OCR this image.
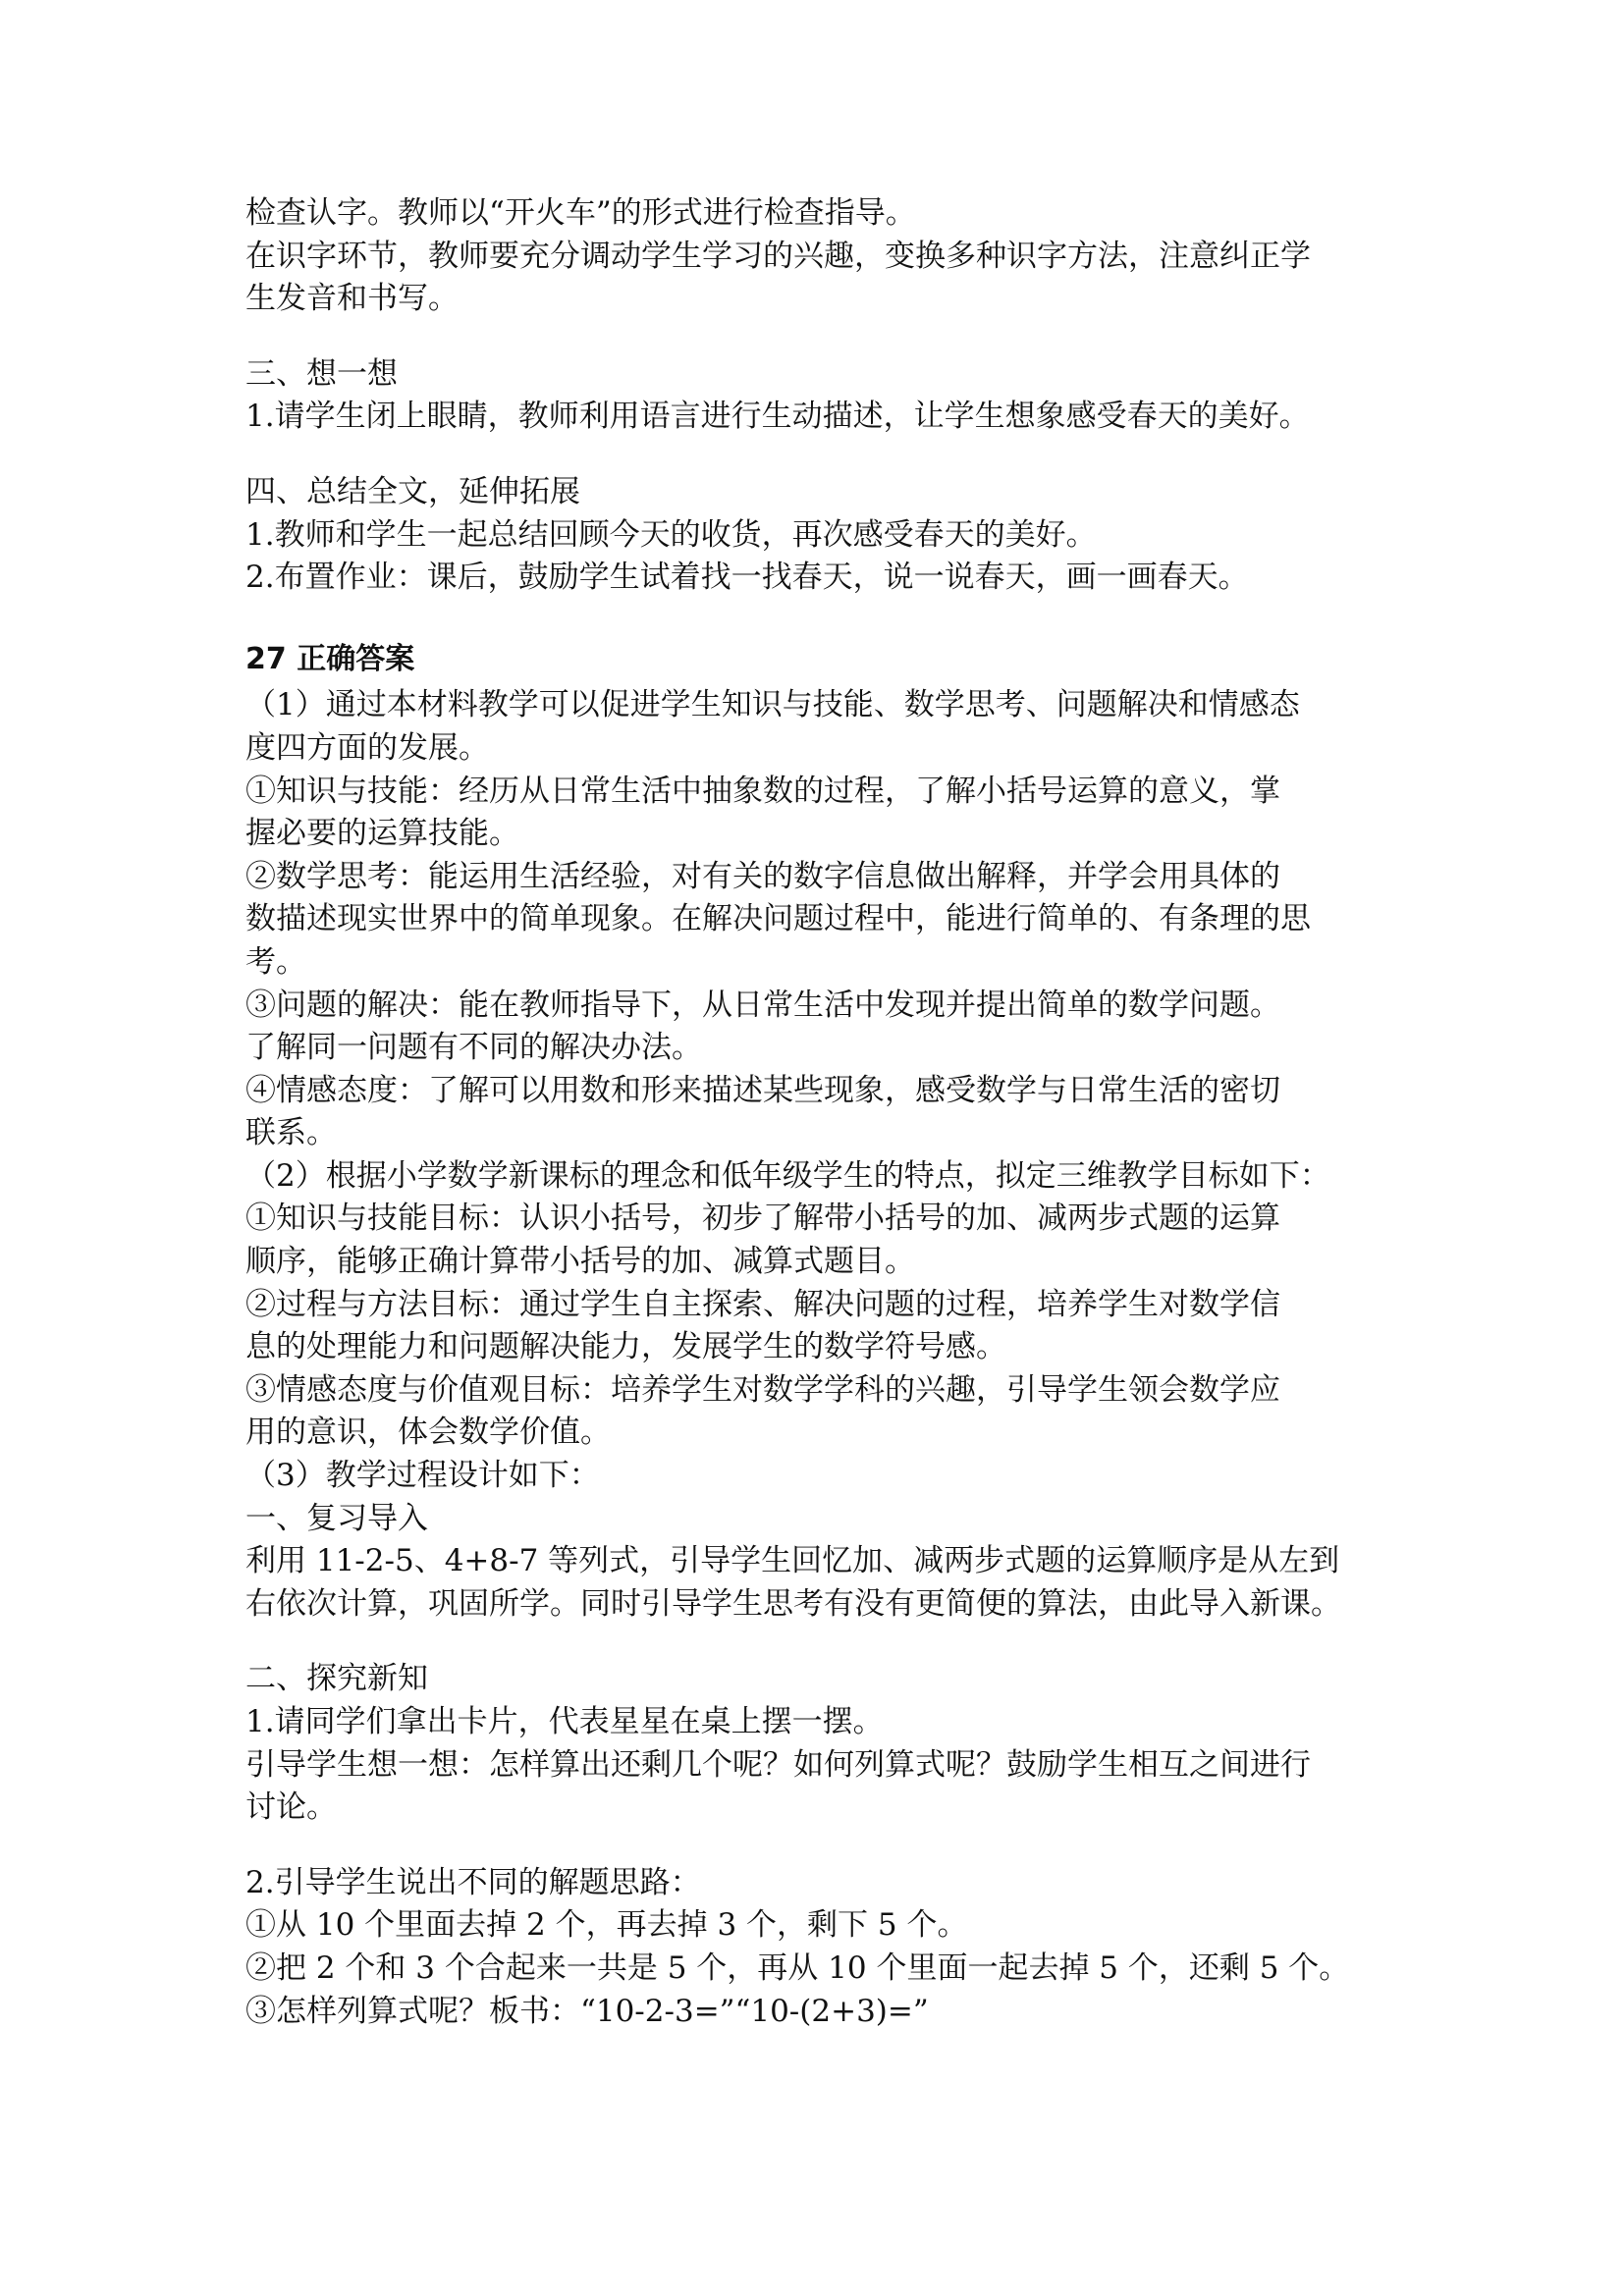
检查认字。教师以“开火车”的形式进行检查指导。
在识字环节，教师要充分调动学生学习的兴趣，变换多种识字方法，注意纠正学
生发音和书写。
三、想一想
1.请学生闭上眼睛，教师利用语言进行生动描述，让学生想象感受春天的美好。
四、总结全文，延伸拓展
1.教师和学生一起总结回顾今天的收货，再次感受春天的美好。
2.布置作业：课后，鼓励学生试着找一找春天，说一说春天，画一画春天。
27 正确答案
（1）通过本材料教学可以促进学生知识与技能、数学思考、问题解决和情感态
度四方面的发展。
①知识与技能：经历从日常生活中抽象数的过程，了解小括号运算的意义，掌
握必要的运算技能。
②数学思考：能运用生活经验，对有关的数字信息做出解释，并学会用具体的
数描述现实世界中的简单现象。在解决问题过程中，能进行简单的、有条理的思
考。
③问题的解决：能在教师指导下，从日常生活中发现并提出简单的数学问题。
了解同一问题有不同的解决办法。
④情感态度：了解可以用数和形来描述某些现象，感受数学与日常生活的密切
联系。
（2）根据小学数学新课标的理念和低年级学生的特点，拟定三维教学目标如下：
①知识与技能目标：认识小括号，初步了解带小括号的加、减两步式题的运算
顺序，能够正确计算带小括号的加、减算式题目。
②过程与方法目标：通过学生自主探索、解决问题的过程，培养学生对数学信
息的处理能力和问题解决能力，发展学生的数学符号感。
③情感态度与价值观目标：培养学生对数学学科的兴趣，引导学生领会数学应
用的意识，体会数学价值。
（3）教学过程设计如下：
一、复习导入
利用 11-2-5、4+8-7 等列式，引导学生回忆加、减两步式题的运算顺序是从左到
右依次计算，巩固所学。同时引导学生思考有没有更简便的算法，由此导入新课。
二、探究新知
1.请同学们拿出卡片，代表星星在桌上摆一摆。
引导学生想一想：怎样算出还剩几个呢？如何列算式呢？鼓励学生相互之间进行
讨论。
2.引导学生说出不同的解题思路：
①从 10 个里面去掉 2 个，再去掉 3 个，剩下 5 个。
②把 2 个和 3 个合起来一共是 5 个，再从 10 个里面一起去掉 5 个，还剩 5 个。
③怎样列算式呢？板书：“10-2-3=”“10-(2+3)=”
